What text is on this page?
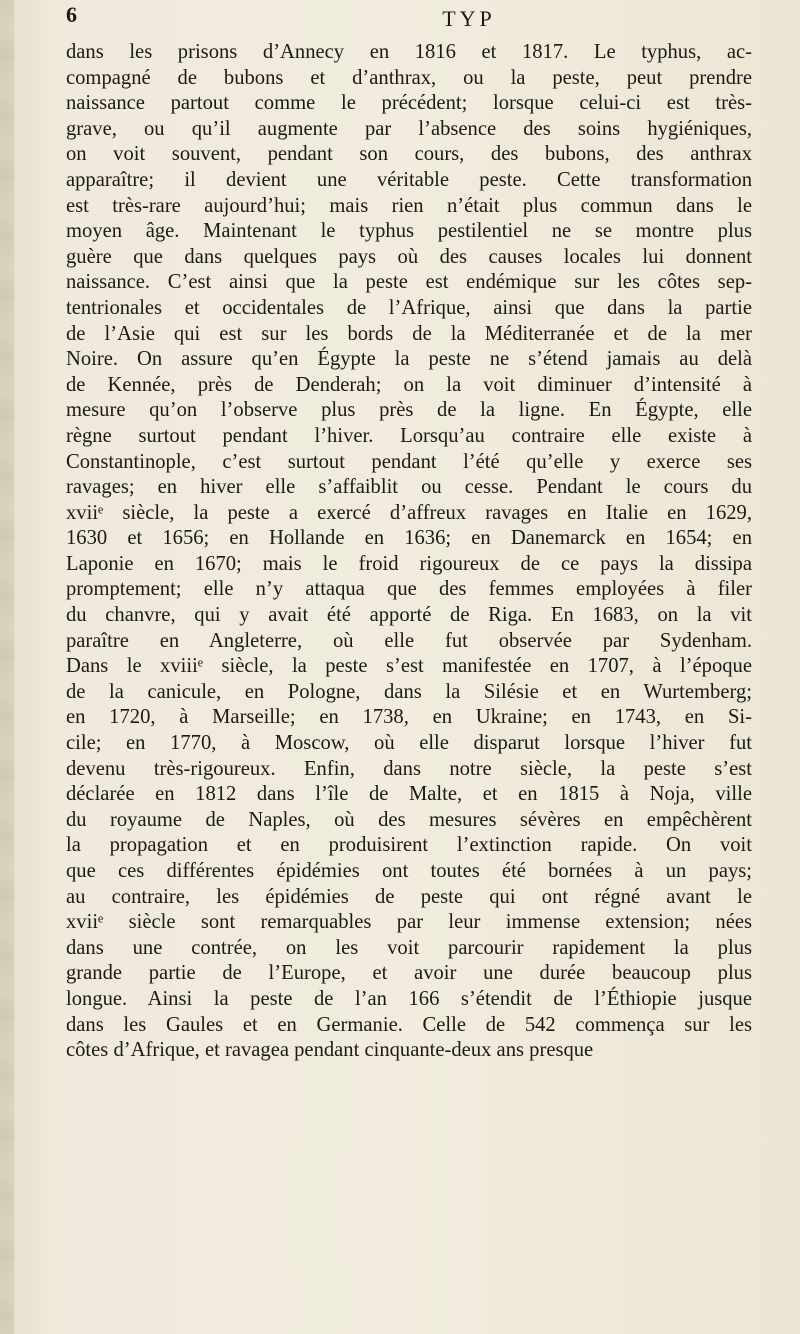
6	TYP
dans les prisons d’Annecy en 1816 et 1817. Le typhus, ac-
compagné de bubons et d’anthrax, ou la peste, peut prendre
naissance partout comme le précédent; lorsque celui-ci est très-
grave, ou qu’il augmente par l’absence des soins hygiéniques,
on voit souvent, pendant son cours, des bubons, des anthrax
apparaître; il devient une véritable peste. Cette transformation
est très-rare aujourd’hui; mais rien n’était plus commun dans le
moyen âge. Maintenant le typhus pestilentiel ne se montre plus
guère que dans quelques pays où des causes locales lui donnent
naissance. C’est ainsi que la peste est endémique sur les côtes sep-
tentrionales et occidentales de l’Afrique, ainsi que dans la partie
de l’Asie qui est sur les bords de la Méditerranée et de la mer
Noire. On assure qu’en Égypte la peste ne s’étend jamais au delà
de Kennée, près de Denderah; on la voit diminuer d’intensité à
mesure qu’on l’observe plus près de la ligne. En Égypte, elle
règne surtout pendant l’hiver. Lorsqu’au contraire elle existe à
Constantinople, c’est surtout pendant l’été qu’elle y exerce ses
ravages; en hiver elle s’affaiblit ou cesse. Pendant le cours du
xviiᵉ siècle, la peste a exercé d’affreux ravages en Italie en 1629,
1630 et 1656; en Hollande en 1636; en Danemarck en 1654; en
Laponie en 1670; mais le froid rigoureux de ce pays la dissipa
promptement; elle n’y attaqua que des femmes employées à filer
du chanvre, qui y avait été apporté de Riga. En 1683, on la vit
paraître en Angleterre, où elle fut observée par Sydenham.
Dans le xviiiᵉ siècle, la peste s’est manifestée en 1707, à l’époque
de la canicule, en Pologne, dans la Silésie et en Wurtemberg;
en 1720, à Marseille; en 1738, en Ukraine; en 1743, en Si-
cile; en 1770, à Moscow, où elle disparut lorsque l’hiver fut
devenu très-rigoureux. Enfin, dans notre siècle, la peste s’est
déclarée en 1812 dans l’île de Malte, et en 1815 à Noja, ville
du royaume de Naples, où des mesures sévères en empêchèrent
la propagation et en produisirent l’extinction rapide. On voit
que ces différentes épidémies ont toutes été bornées à un pays;
au contraire, les épidémies de peste qui ont régné avant le
xviiᵉ siècle sont remarquables par leur immense extension; nées
dans une contrée, on les voit parcourir rapidement la plus
grande partie de l’Europe, et avoir une durée beaucoup plus
longue. Ainsi la peste de l’an 166 s’étendit de l’Éthiopie jusque
dans les Gaules et en Germanie. Celle de 542 commença sur les
côtes d’Afrique, et ravagea pendant cinquante-deux ans presque
